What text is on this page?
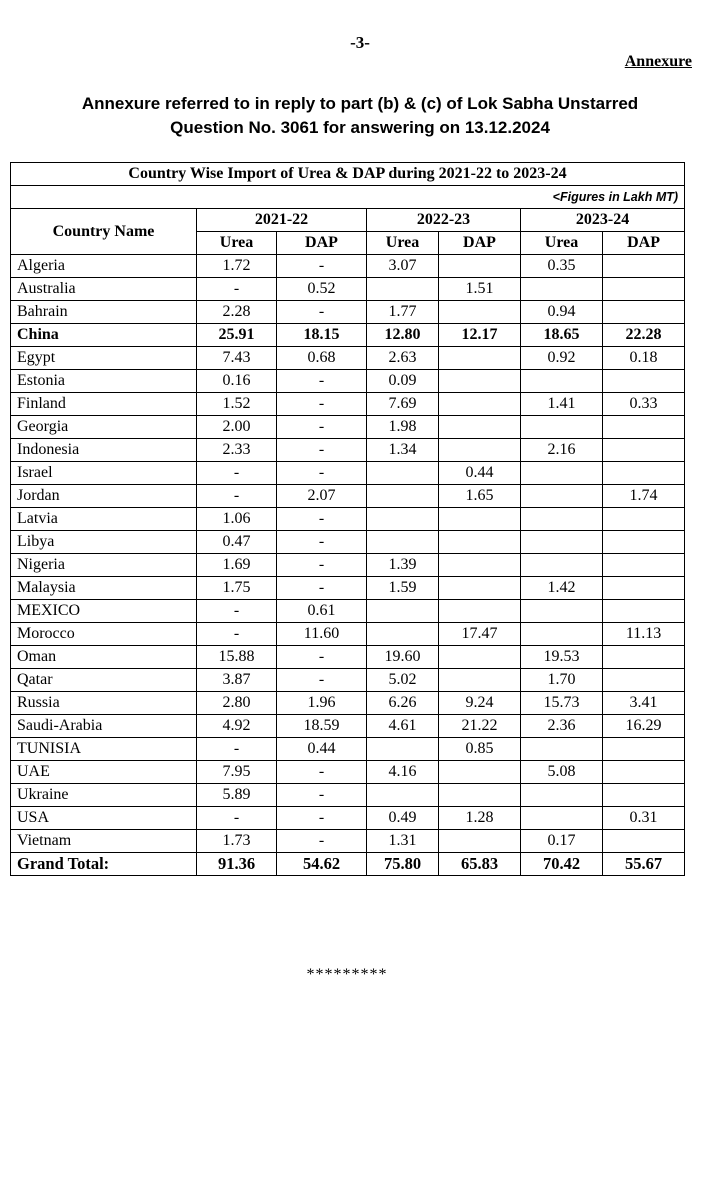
-3-
Annexure
Annexure referred to in reply to part (b) & (c) of Lok Sabha Unstarred
Question No. 3061 for answering on 13.12.2024
Country Wise Import of Urea & DAP during 2021-22 to 2023-24						
<Figures in Lakh MT)						
Country Name	2021-22		2022-23		2023-24	
	Urea	DAP	Urea	DAP	Urea	DAP
Algeria	1.72	-	3.07		0.35	
Australia	-	0.52		1.51		
Bahrain	2.28	-	1.77		0.94	
China	25.91	18.15	12.80	12.17	18.65	22.28
Egypt	7.43	0.68	2.63		0.92	0.18
Estonia	0.16	-	0.09			
Finland	1.52	-	7.69		1.41	0.33
Georgia	2.00	-	1.98			
Indonesia	2.33	-	1.34		2.16	
Israel	-	-		0.44		
Jordan	-	2.07		1.65		1.74
Latvia	1.06	-				
Libya	0.47	-				
Nigeria	1.69	-	1.39			
Malaysia	1.75	-	1.59		1.42	
MEXICO	-	0.61				
Morocco	-	11.60		17.47		11.13
Oman	15.88	-	19.60		19.53	
Qatar	3.87	-	5.02		1.70	
Russia	2.80	1.96	6.26	9.24	15.73	3.41
Saudi-Arabia	4.92	18.59	4.61	21.22	2.36	16.29
TUNISIA	-	0.44		0.85		
UAE	7.95	-	4.16		5.08	
Ukraine	5.89	-				
USA	-	-	0.49	1.28		0.31
Vietnam	1.73	-	1.31		0.17	
Grand Total:	91.36	54.62	75.80	65.83	70.42	55.67
*********
